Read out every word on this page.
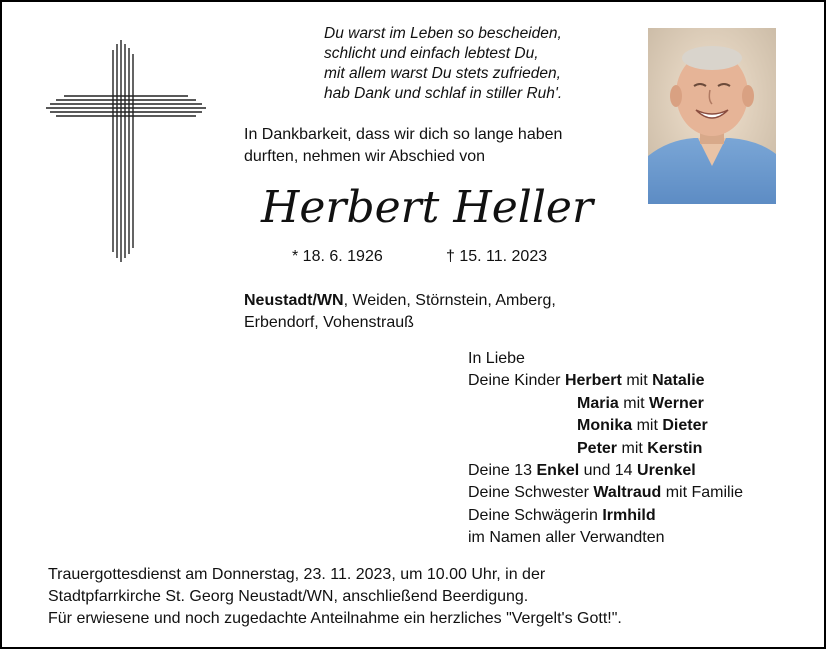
Du warst im Leben so bescheiden,
schlicht und einfach lebtest Du,
mit allem warst Du stets zufrieden,
hab Dank und schlaf in stiller Ruh'.
In Dankbarkeit, dass wir dich so lange haben
durften, nehmen wir Abschied von
Herbert Heller
* 18. 6. 1926	† 15. 11. 2023
Neustadt/WN, Weiden, Störnstein, Amberg,
Erbendorf, Vohenstrauß
In Liebe
Deine Kinder Herbert mit Natalie
Maria mit Werner
Monika mit Dieter
Peter mit Kerstin
Deine 13 Enkel und 14 Urenkel
Deine Schwester Waltraud mit Familie
Deine Schwägerin Irmhild
im Namen aller Verwandten
Trauergottesdienst am Donnerstag, 23. 11. 2023, um 10.00 Uhr, in der
Stadtpfarrkirche St. Georg Neustadt/WN, anschließend Beerdigung.
Für erwiesene und noch zugedachte Anteilnahme ein herzliches "Vergelt's Gott!".
